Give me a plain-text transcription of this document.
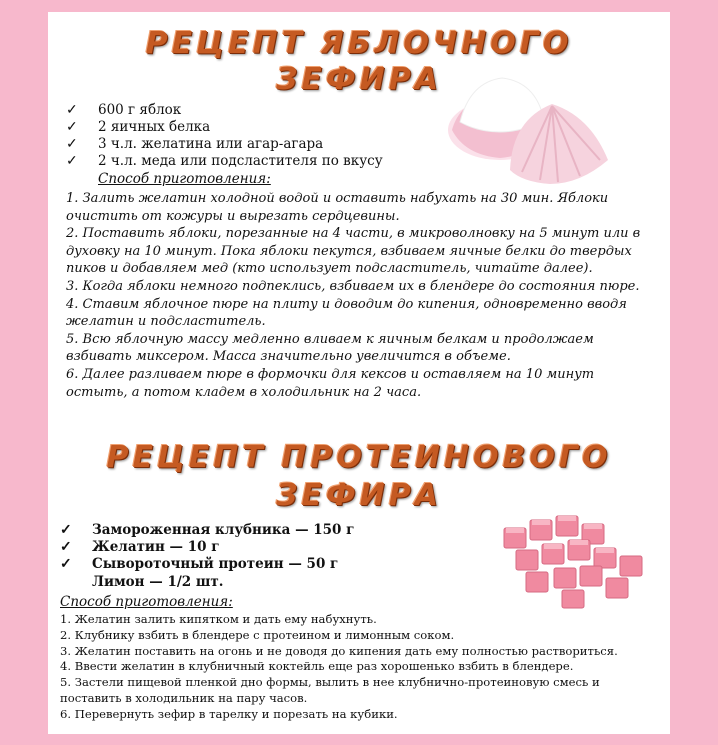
РЕЦЕПТ ЯБЛОЧНОГО
ЗЕФИРА
✓ 600 г яблок
✓ 2 яичных белка
✓ 3 ч.л. желатина или агар-агара
✓ 2 ч.л. меда или подсластителя по вкусу
Способ приготовления:

1. Залить желатин холодной водой и оставить набухать на 30 мин. Яблоки очистить от кожуры и вырезать сердцевины.

2. Поставить яблоки, порезанные на 4 части, в микроволновку на 5 минут или в духовку на 10 минут. Пока яблоки пекутся, взбиваем яичные белки до твердых пиков и добавляем мед (кто использует подсластитель, читайте далее).

3. Когда яблоки немного подпеклись, взбиваем их в блендере до состояния пюре.

4. Ставим яблочное пюре на плиту и доводим до кипения, одновременно вводя желатин и подсластитель.

5. Всю яблочную массу медленно вливаем к яичным белкам и продолжаем взбивать миксером. Масса значительно увеличится в объеме.

6. Далее разливаем пюре в формочки для кексов и оставляем на 10 минут остыть, а потом кладем в холодильник на 2 часа.

РЕЦЕПТ ПРОТЕИНОВОГО
ЗЕФИРА
✓ Замороженная клубника — 150 г
✓ Желатин — 10 г
✓ Сывороточный протеин — 50 г
Лимон — 1/2 шт.
Способ приготовления:

1. Желатин залить кипятком и дать ему набухнуть.

2. Клубнику взбить в блендере с протеином и лимонным соком.

3. Желатин поставить на огонь и не доводя до кипения дать ему полностью раствориться.

4. Ввести желатин в клубничный коктейль еще раз хорошенько взбить в блендере.

5. Застели пищевой пленкой дно формы, вылить в нее клубнично-протеиновую смесь и поставить в холодильник на пару часов.

6. Перевернуть зефир в тарелку и порезать на кубики.
